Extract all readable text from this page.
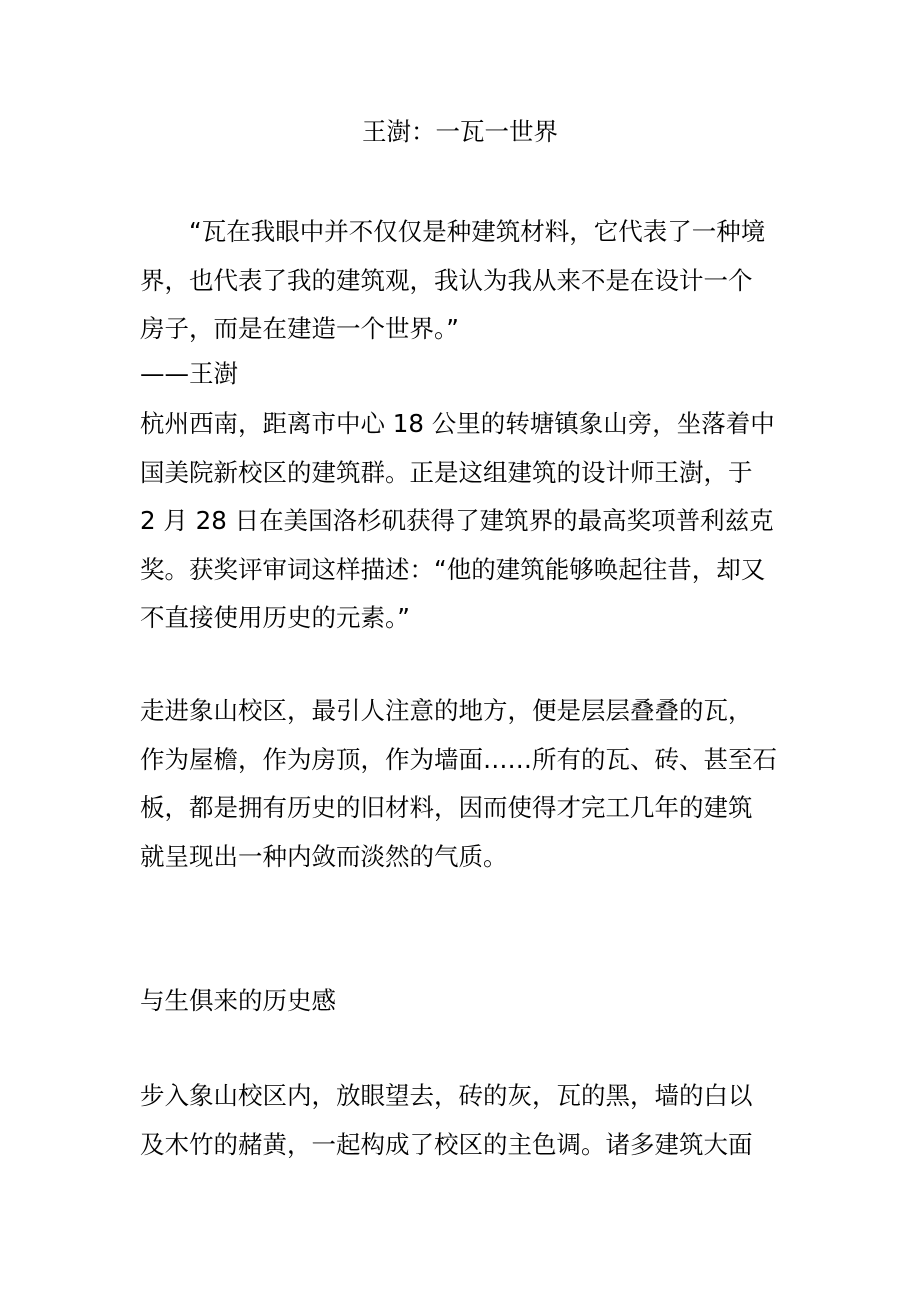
王澍：一瓦一世界
“瓦在我眼中并不仅仅是种建筑材料，它代表了一种境
界，也代表了我的建筑观，我认为我从来不是在设计一个
房子，而是在建造一个世界。”
——王澍
杭州西南，距离市中心 18 公里的转塘镇象山旁，坐落着中
国美院新校区的建筑群。正是这组建筑的设计师王澍，于
2 月 28 日在美国洛杉矶获得了建筑界的最高奖项普利兹克
奖。获奖评审词这样描述：“他的建筑能够唤起往昔，却又
不直接使用历史的元素。”
走进象山校区，最引人注意的地方，便是层层叠叠的瓦，
作为屋檐，作为房顶，作为墙面……所有的瓦、砖、甚至石
板，都是拥有历史的旧材料，因而使得才完工几年的建筑
就呈现出一种内敛而淡然的气质。
与生俱来的历史感
步入象山校区内，放眼望去，砖的灰，瓦的黑，墙的白以
及木竹的赭黄，一起构成了校区的主色调。诸多建筑大面
